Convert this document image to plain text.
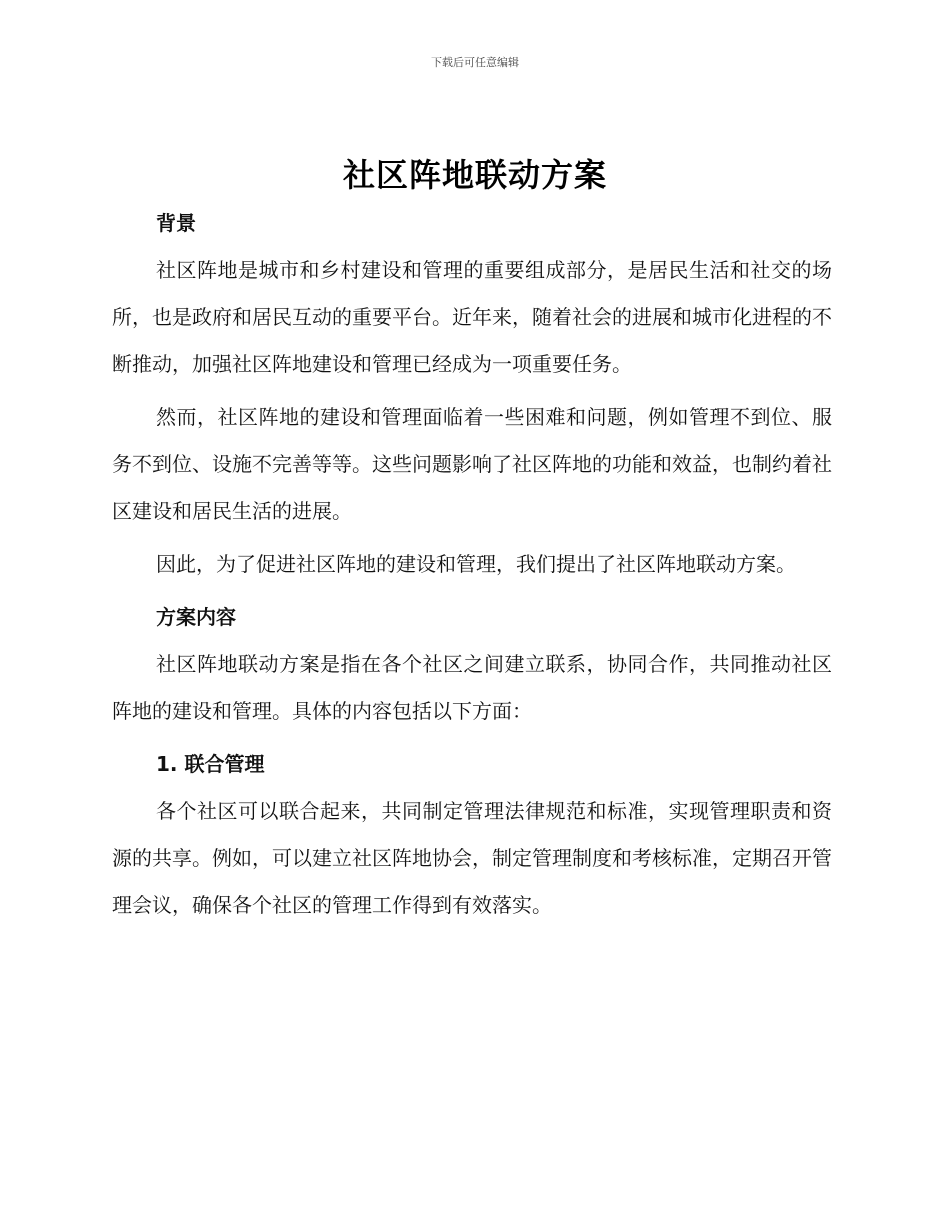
下载后可任意编辑
社区阵地联动方案

背景

社区阵地是城市和乡村建设和管理的重要组成部分，是居民生活和社交的场所，也是政府和居民互动的重要平台。近年来，随着社会的进展和城市化进程的不断推动，加强社区阵地建设和管理已经成为一项重要任务。

然而，社区阵地的建设和管理面临着一些困难和问题，例如管理不到位、服务不到位、设施不完善等等。这些问题影响了社区阵地的功能和效益，也制约着社区建设和居民生活的进展。

因此，为了促进社区阵地的建设和管理，我们提出了社区阵地联动方案。

方案内容

社区阵地联动方案是指在各个社区之间建立联系，协同合作，共同推动社区阵地的建设和管理。具体的内容包括以下方面：

1. 联合管理

各个社区可以联合起来，共同制定管理法律规范和标准，实现管理职责和资源的共享。例如，可以建立社区阵地协会，制定管理制度和考核标准，定期召开管理会议，确保各个社区的管理工作得到有效落实。
